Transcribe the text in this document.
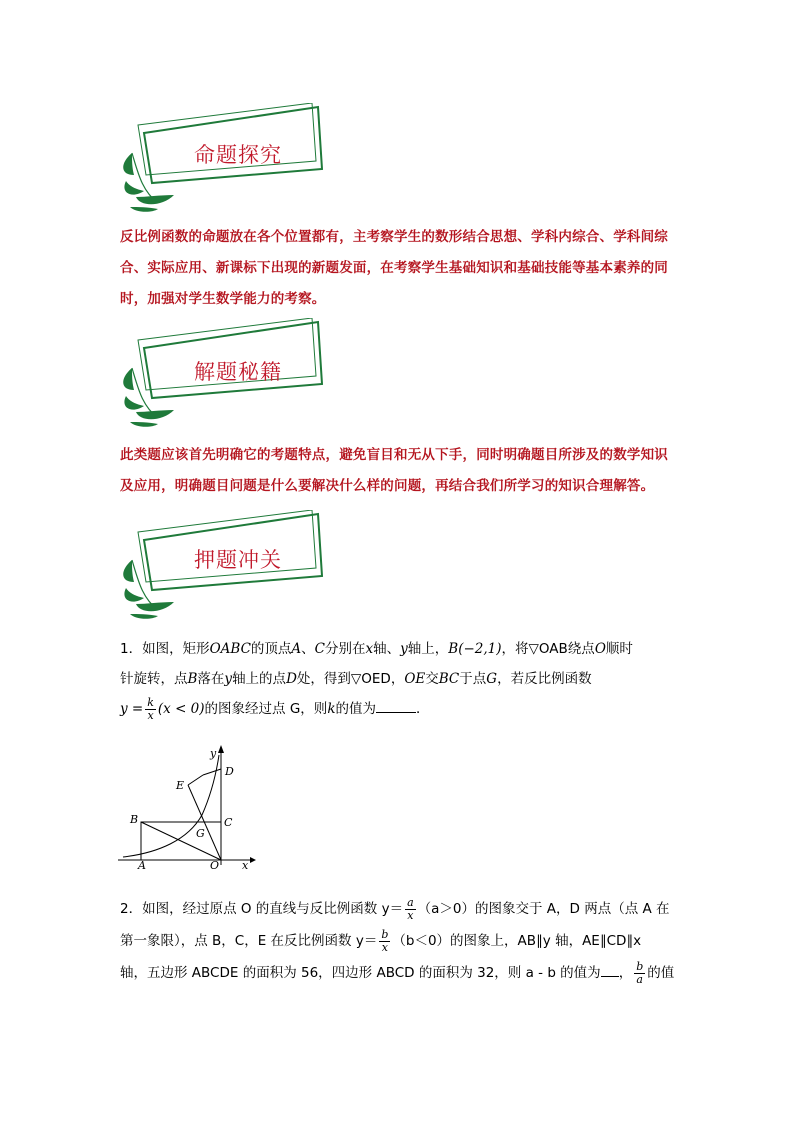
命题探究
反比例函数的命题放在各个位置都有，主考察学生的数形结合思想、学科内综合、学科间综合、实际应用、新课标下出现的新题发面，在考察学生基础知识和基础技能等基本素养的同时，加强对学生数学能力的考察。
解题秘籍
此类题应该首先明确它的考题特点，避免盲目和无从下手，同时明确题目所涉及的数学知识及应用，明确题目问题是什么要解决什么样的问题，再结合我们所学习的知识合理解答。
押题冲关
1．如图，矩形OABC的顶点A、C分别在x轴、y轴上，B(−2,1)，将▽OAB绕点O顺时
针旋转，点B落在y轴上的点D处，得到▽OED，OE交BC于点G，若反比例函数
$y = \frac{k}{x} (x < 0)$的图象经过点 G，则k的值为	．
y
D
E
B	C
G
A	O x
2．如图，经过原点 O 的直线与反比例函数 $y= \frac{a}{x} (a>0)$的图象交于 A，D 两点（点 A 在
第一象限），点 B，C，E 在反比例函数 $y= \frac{b}{x} (b<0)$的图象上，AB∥y 轴，AE∥CD∥x
轴，五边形 ABCDE 的面积为 56，四边形 ABCD 的面积为 32，则 a - b 的值为 ， $\frac{b}{a}$ 的值
